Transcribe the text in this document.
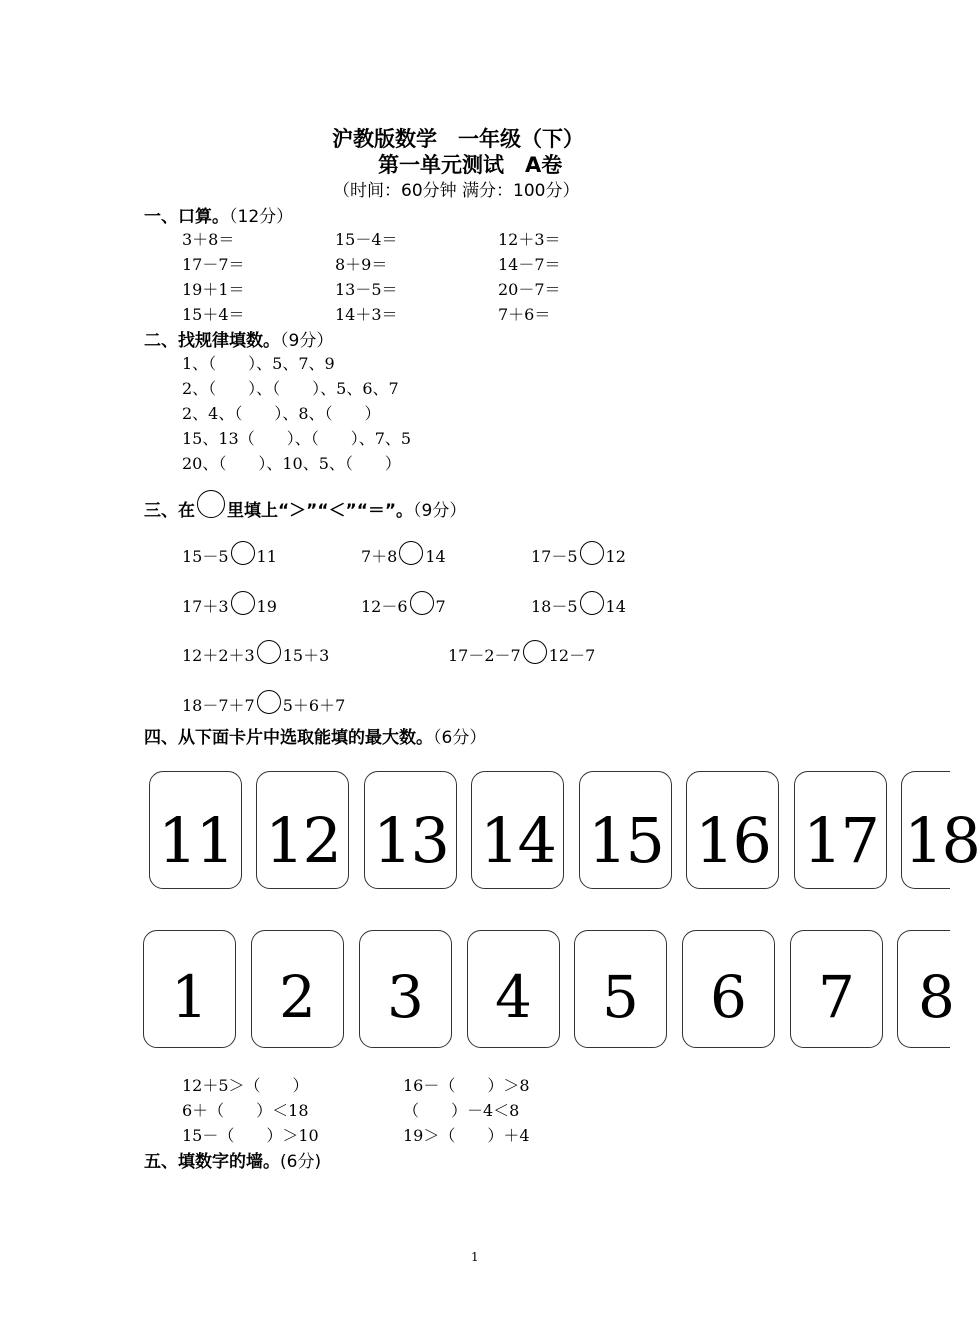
沪教版数学　一年级（下）
第一单元测试　A卷
（时间：60分钟 满分：100分）
一、口算。（12分）
3＋8＝	15－4＝	12＋3＝
17－7＝	8＋9＝	14－7＝
19＋1＝	13－5＝	20－7＝
15＋4＝	14＋3＝	7＋6＝
二、找规律填数。（9分）
1、（　　）、5、7、9
2、（　　）、（　　）、5、6、7
2、4、（　　）、8、（　　）
15、13（　　）、（　　）、7、5
20、（　　）、10、5、（　　）
三、在 里填上“＞”“＜”“＝”。（9分）
15－5 11	7＋8 14	17－5 12
17＋3 19	12－6 7	18－5 14
12＋2＋3 15＋3	17－2－7 12－7
18－7＋7 5＋6＋7
四、从下面卡片中选取能填的最大数。（6分）
11 12 13 14 15 16 17 18
1 2 3 4 5 6 7 8
12＋5＞（　　）	16－（　　）＞8
6＋（　　）＜18	（　　）－4＜8
15－（　　）＞10	19＞（　　）＋4
五、填数字的墙。(6分)
1
